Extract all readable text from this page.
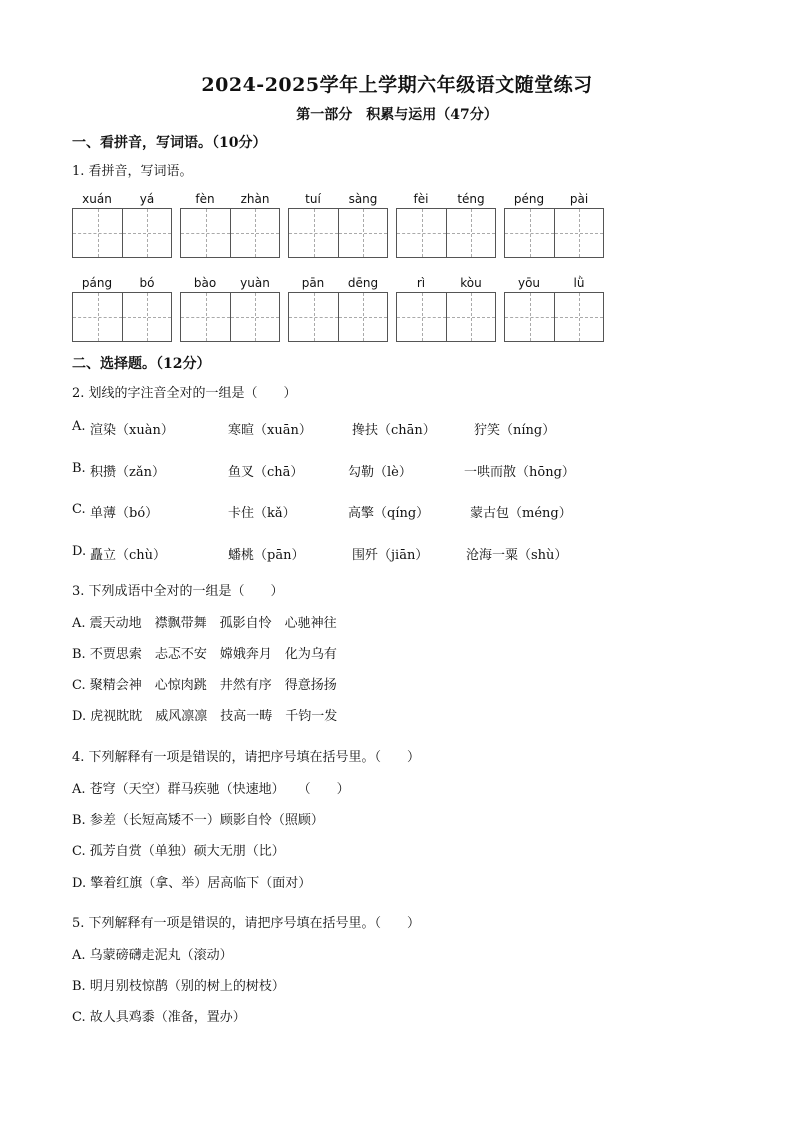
2024-2025学年上学期六年级语文随堂练习
第一部分　积累与运用（47分）
一、看拼音，写词语。（10分）
1. 看拼音，写词语。
xuán	yá	fèn	zhàn	tuí	sàng	fèi	téng	péng	pài
páng	bó	bào	yuàn	pān	dēng	rì	kòu	yōu	lǜ
二、选择题。（12分）
2. 划线的字注音全对的一组是（　　）
A. 渲染（xuàn）	寒暄（xuān）	搀扶（chān）	狞笑（níng）
B. 积攒（zǎn）	鱼叉（chā）	勾勒（lè）	一哄而散（hōng）
C. 单薄（bó）	卡住（kǎ）	高擎（qíng）	蒙古包（méng）
D. 矗立（chù）	蟠桃（pān）	围歼（jiān）	沧海一粟（shù）
3. 下列成语中全对的一组是（　　）
A. 震天动地　襟飘带舞　孤影自怜　心驰神往
B. 不贾思索　忐忑不安　嫦娥奔月　化为乌有
C. 聚精会神　心惊肉跳　井然有序　得意扬扬
D. 虎视眈眈　威风凛凛　技高一畴　千钧一发
4. 下列解释有一项是错误的，请把序号填在括号里。（　　）
A. 苍穹（天空）群马疾驰（快速地）　　（　　）
B. 参差（长短高矮不一）顾影自怜（照顾）
C. 孤芳自赏（单独）硕大无朋（比）
D. 擎着红旗（拿、举）居高临下（面对）
5. 下列解释有一项是错误的，请把序号填在括号里。（　　）
A. 乌蒙磅礴走泥丸（滚动）
B. 明月别枝惊鹊（别的树上的树枝）
C. 故人具鸡黍（准备，置办）
